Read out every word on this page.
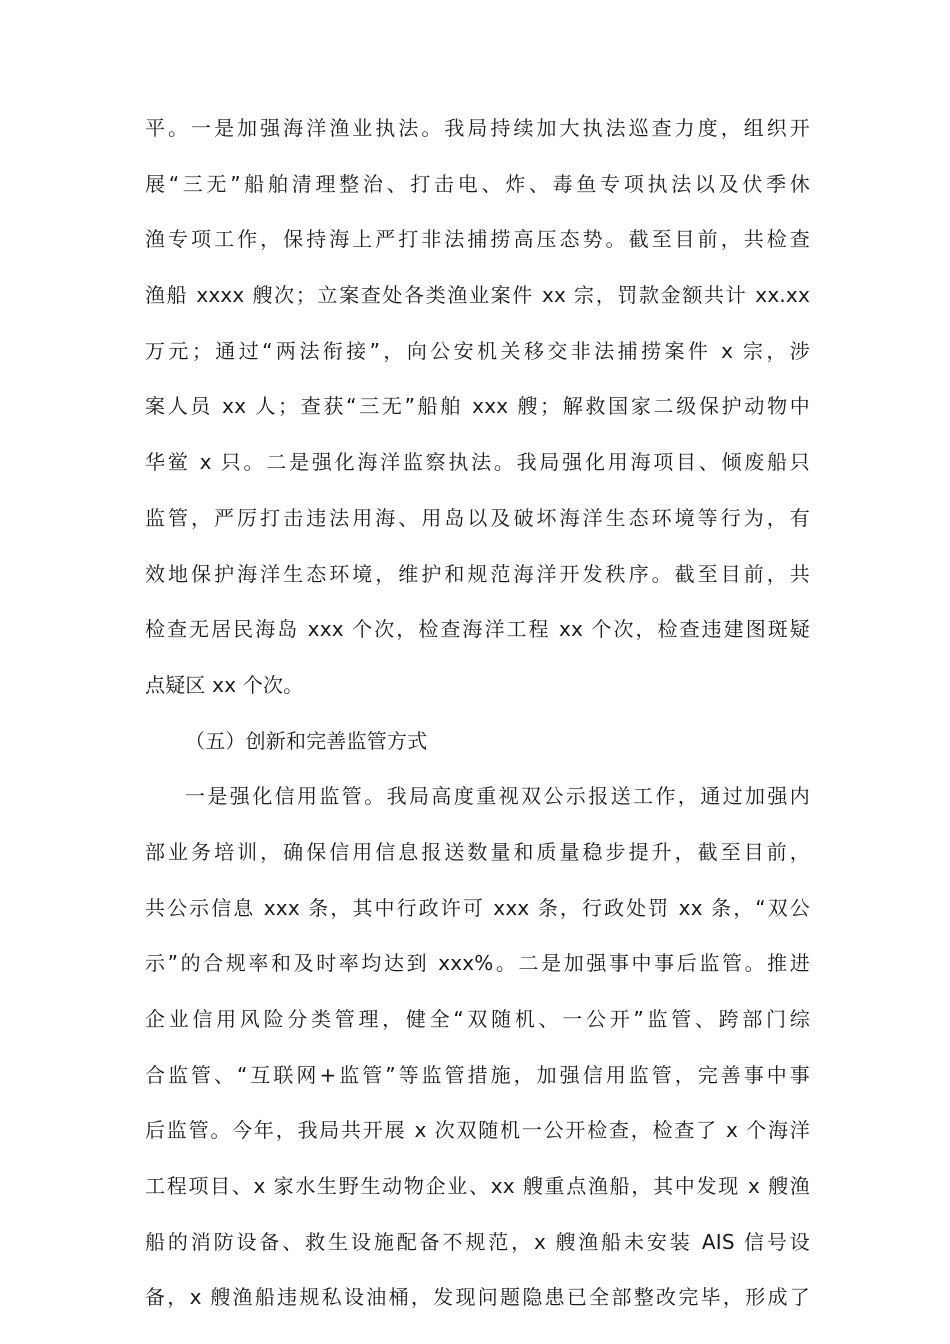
平。一是加强海洋渔业执法。我局持续加大执法巡查力度，组织开
展“三无”船舶清理整治、打击电、炸、毒鱼专项执法以及伏季休
渔专项工作，保持海上严打非法捕捞高压态势。截至目前，共检查
渔船 xxxx 艘次；立案查处各类渔业案件 xx 宗，罚款金额共计 xx.xx
万元；通过“两法衔接”，向公安机关移交非法捕捞案件 x 宗，涉
案人员 xx 人；查获“三无”船舶 xxx 艘；解救国家二级保护动物中
华鲎 x 只。二是强化海洋监察执法。我局强化用海项目、倾废船只
监管，严厉打击违法用海、用岛以及破坏海洋生态环境等行为，有
效地保护海洋生态环境，维护和规范海洋开发秩序。截至目前，共
检查无居民海岛 xxx 个次，检查海洋工程 xx 个次，检查违建图斑疑
点疑区 xx 个次。
（五）创新和完善监管方式
一是强化信用监管。我局高度重视双公示报送工作，通过加强内
部业务培训，确保信用信息报送数量和质量稳步提升，截至目前，
共公示信息 xxx 条，其中行政许可 xxx 条，行政处罚 xx 条，“双公
示”的合规率和及时率均达到 xxx%。二是加强事中事后监管。推进
企业信用风险分类管理，健全“双随机、一公开”监管、跨部门综
合监管、“互联网+监管”等监管措施，加强信用监管，完善事中事
后监管。今年，我局共开展 x 次双随机一公开检查，检查了 x 个海洋
工程项目、x 家水生野生动物企业、xx 艘重点渔船，其中发现 x 艘渔
船的消防设备、救生设施配备不规范，x 艘渔船未安装 AIS 信号设
备，x 艘渔船违规私设油桶，发现问题隐患已全部整改完毕，形成了
